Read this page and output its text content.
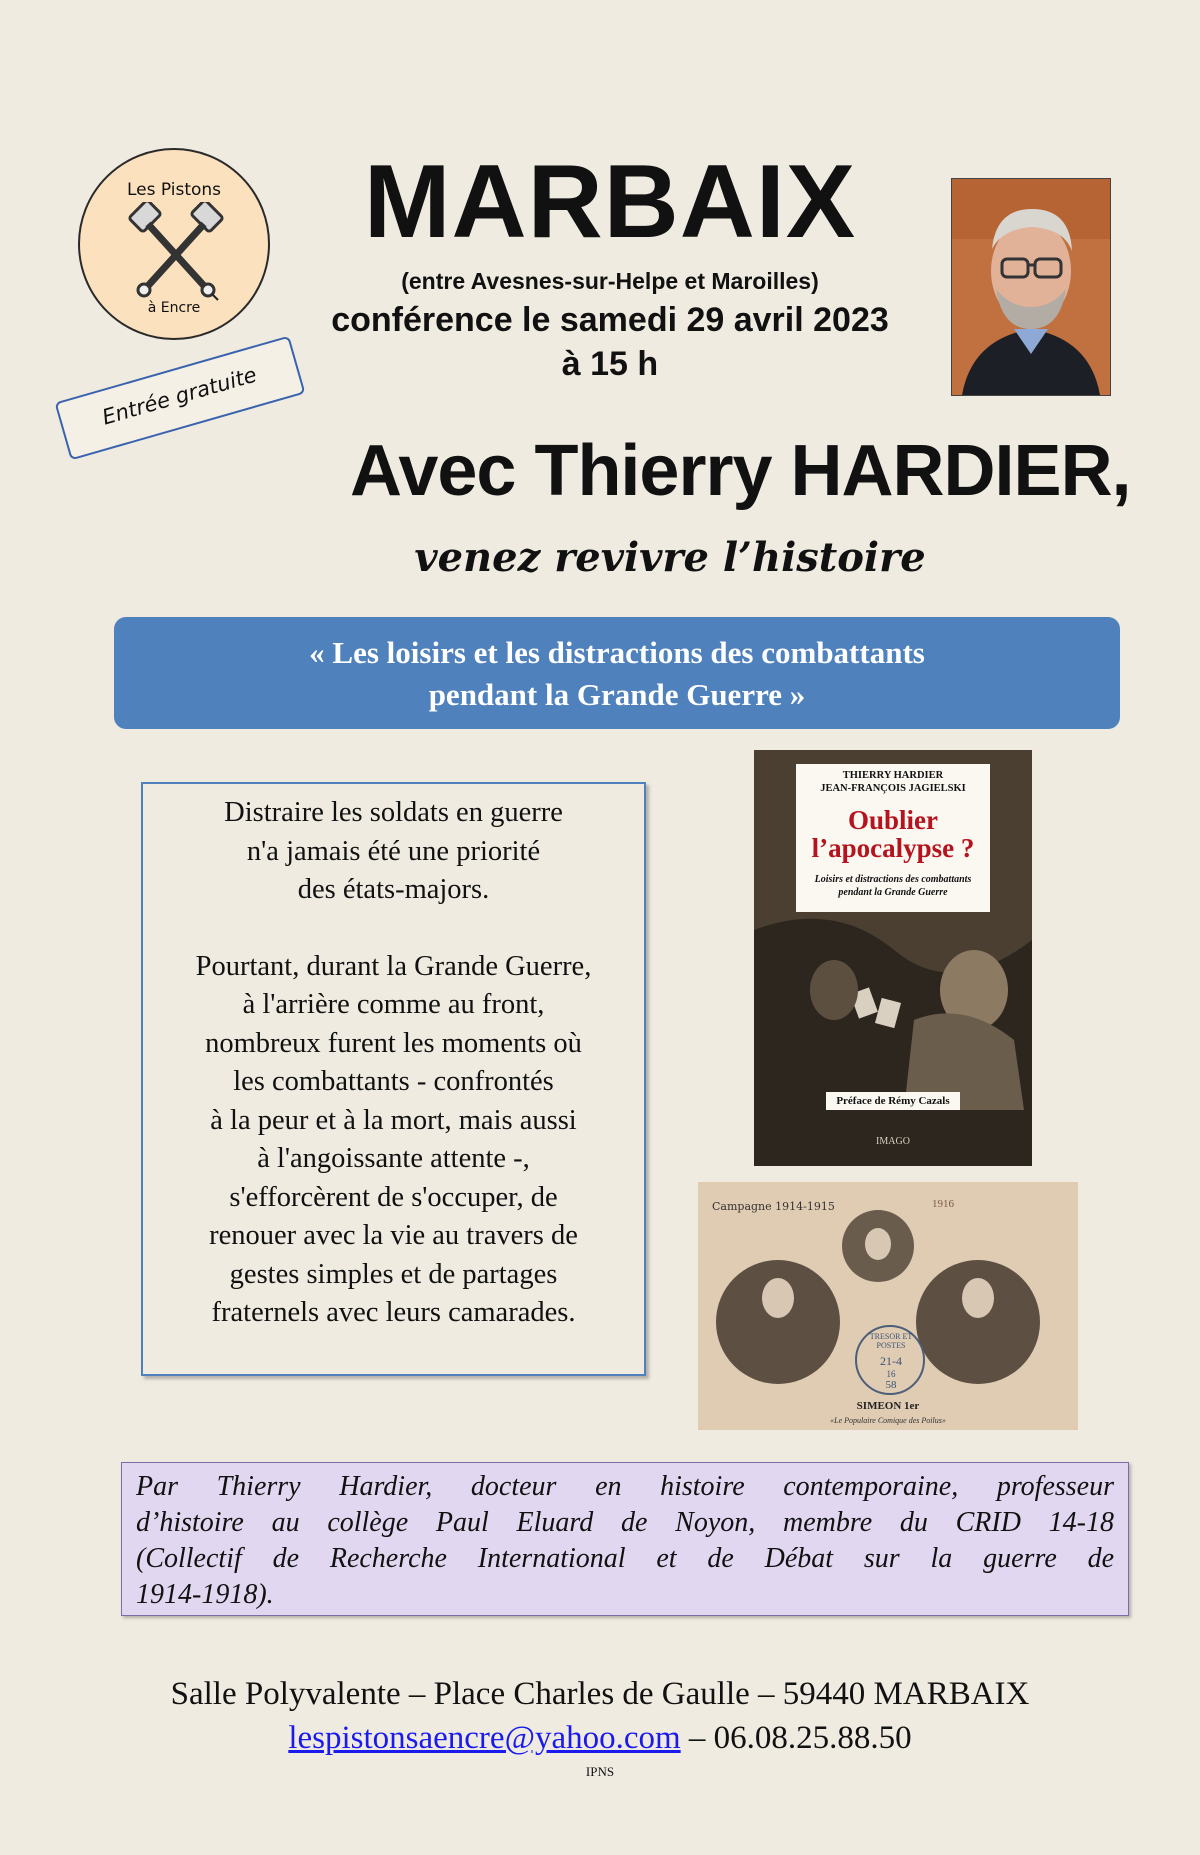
Les Pistons
à Encre
Entrée gratuite
MARBAIX
(entre Avesnes-sur-Helpe et Maroilles)
conférence le samedi 29 avril 2023
à 15 h
Avec Thierry HARDIER,
venez revivre l’histoire
« Les loisirs et les distractions des combattants
pendant la Grande Guerre »
Distraire les soldats en guerre
n'a jamais été une priorité
des états-majors.
Pourtant, durant la Grande Guerre,
à l'arrière comme au front,
nombreux furent les moments où
les combattants - confrontés
à la peur et à la mort, mais aussi
à l'angoissante attente -,
s'efforcèrent de s'occuper, de
renouer avec la vie au travers de
gestes simples et de partages
fraternels avec leurs camarades.
THIERRY HARDIER
JEAN-FRANÇOIS JAGIELSKI
Oublier
l’apocalypse ?
Loisirs et distractions des combattants
pendant la Grande Guerre
Préface de Rémy Cazals
IMAGO
Campagne 1914-1915	1916
TRESOR ET POSTES
21-4
16
58
SIMEON 1er
«Le Populaire Comique des Poilus»
Par Thierry Hardier, docteur en histoire contemporaine, professeur
d’histoire au collège Paul Eluard de Noyon, membre du CRID 14-18
(Collectif de Recherche International et de Débat sur la guerre de
1914-1918).
Salle Polyvalente – Place Charles de Gaulle – 59440 MARBAIX
lespistonsaencre@yahoo.com – 06.08.25.88.50
IPNS
